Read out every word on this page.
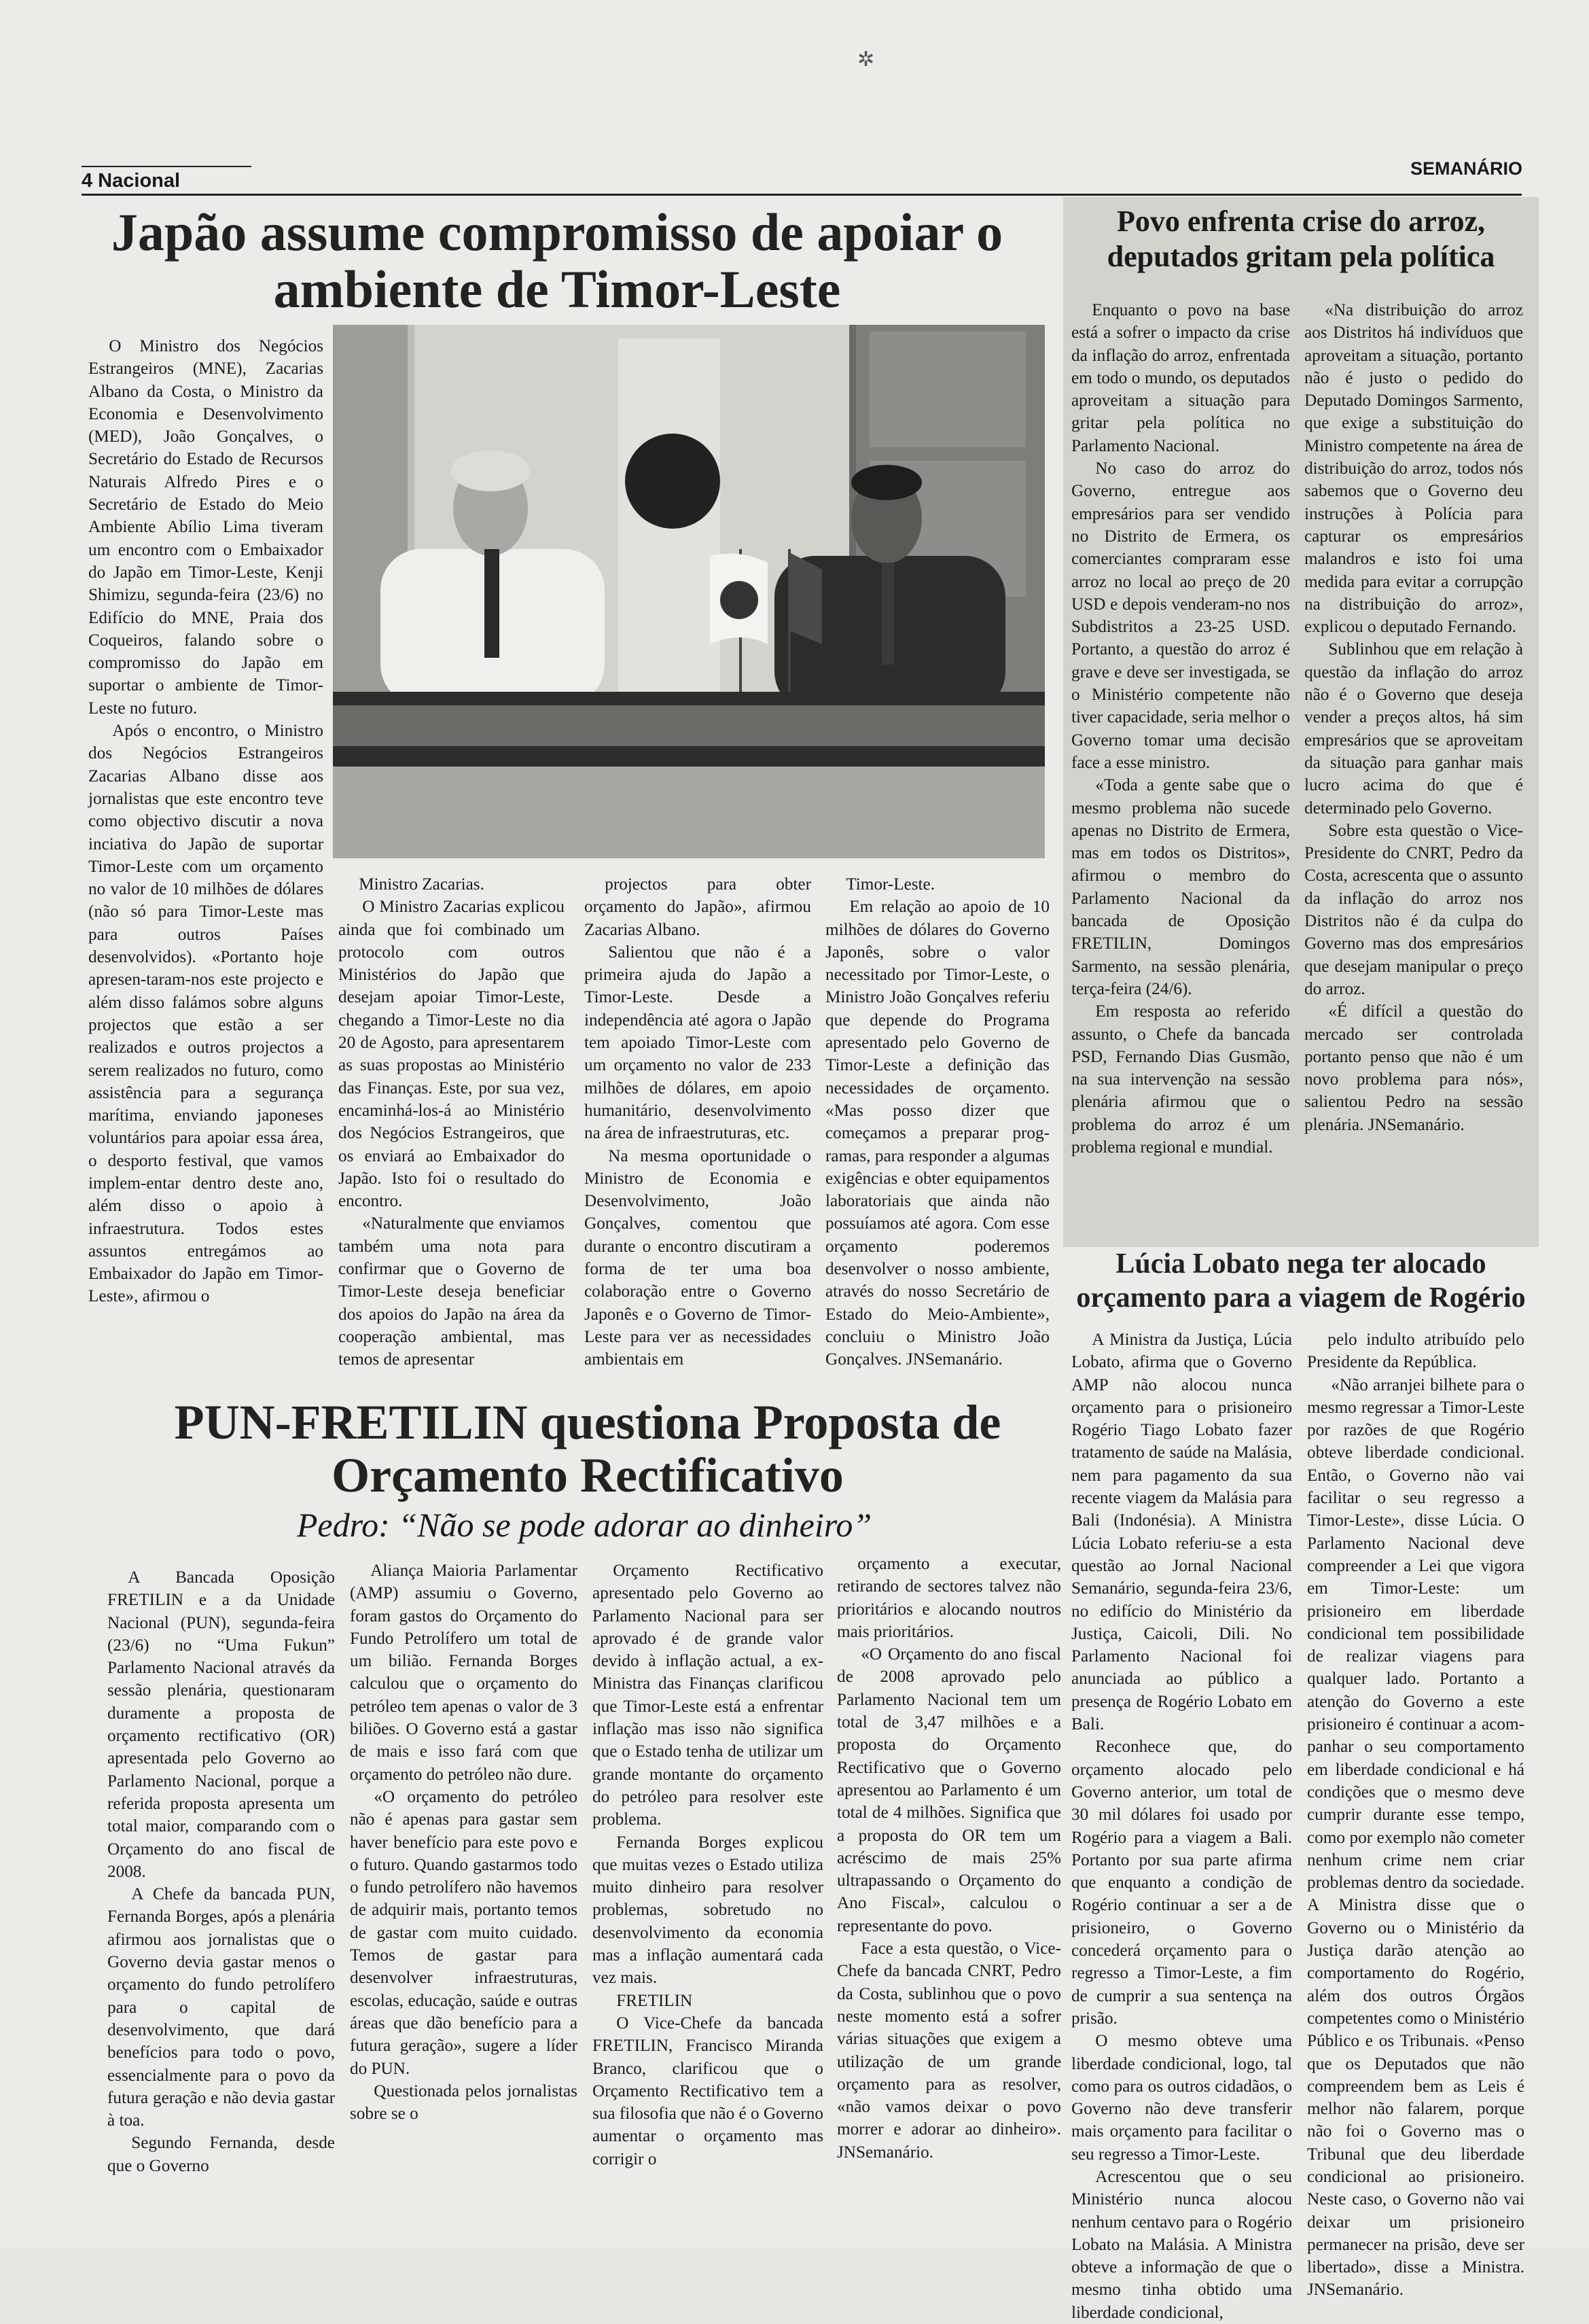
✲
4 Nacional
SEMANÁRIO
Japão assume compromisso de apoiar o ambiente de Timor-Leste

O Ministro dos Negócios Estrangeiros (MNE), Zacarias Albano da Costa, o Ministro da Economia e Desenvolvimento (MED), João Gonçalves, o Secretário do Estado de Recursos Naturais Alfredo Pires e o Secretário de Estado do Meio Ambiente Abílio Lima tiveram um encontro com o Embaixador do Japão em Timor-Leste, Kenji Shimizu, segunda-feira (23/6) no Edifício do MNE, Praia dos Coqueiros, falando sobre o compromisso do Japão em suportar o ambiente de Timor-Leste no futuro.

Após o encontro, o Ministro dos Negócios Estrangeiros Zacarias Albano disse aos jornalistas que este encontro teve como objectivo discutir a nova inciativa do Japão de suportar Timor-Leste com um orçamento no valor de 10 milhões de dólares (não só para Timor-Leste mas para outros Países desenvolvidos). «Portanto hoje apresen-taram-nos este projecto e além disso falámos sobre alguns projectos que estão a ser realizados e outros projectos a serem realizados no futuro, como assistência para a segurança marítima, enviando japoneses voluntários para apoiar essa área, o desporto festival, que vamos implem-entar dentro deste ano, além disso o apoio à infraestrutura. Todos estes assuntos entregámos ao Embaixador do Japão em Timor-Leste», afirmou o

Ministro Zacarias.

O Ministro Zacarias explicou ainda que foi combinado um protocolo com outros Ministérios do Japão que desejam apoiar Timor-Leste, chegando a Timor-Leste no dia 20 de Agosto, para apresentarem as suas propostas ao Ministério das Finanças. Este, por sua vez, encaminhá-los-á ao Ministério dos Negócios Estrangeiros, que os enviará ao Embaixador do Japão. Isto foi o resultado do encontro.

«Naturalmente que enviamos também uma nota para confirmar que o Governo de Timor-Leste deseja beneficiar dos apoios do Japão na área da cooperação ambiental, mas temos de apresentar

projectos para obter orçamento do Japão», afirmou Zacarias Albano.

Salientou que não é a primeira ajuda do Japão a Timor-Leste. Desde a independência até agora o Japão tem apoiado Timor-Leste com um orçamento no valor de 233 milhões de dólares, em apoio humanitário, desenvolvimento na área de infraestruturas, etc.

Na mesma oportunidade o Ministro de Economia e Desenvolvimento, João Gonçalves, comentou que durante o encontro discutiram a forma de ter uma boa colaboração entre o Governo Japonês e o Governo de Timor-Leste para ver as necessidades ambientais em

Timor-Leste.

Em relação ao apoio de 10 milhões de dólares do Governo Japonês, sobre o valor necessitado por Timor-Leste, o Ministro João Gonçalves referiu que depende do Programa apresentado pelo Governo de Timor-Leste a definição das necessidades de orçamento. «Mas posso dizer que começamos a preparar prog-ramas, para responder a algumas exigências e obter equipamentos laboratoriais que ainda não possuíamos até agora. Com esse orçamento poderemos desenvolver o nosso ambiente, através do nosso Secretário de Estado do Meio-Ambiente», concluiu o Ministro João Gonçalves. JNSemanário.

Povo enfrenta crise do arroz, deputados gritam pela política

Enquanto o povo na base está a sofrer o impacto da crise da inflação do arroz, enfrentada em todo o mundo, os deputados aproveitam a situação para gritar pela política no Parlamento Nacional.

No caso do arroz do Governo, entregue aos empresários para ser vendido no Distrito de Ermera, os comerciantes compraram esse arroz no local ao preço de 20 USD e depois venderam-no nos Subdistritos a 23-25 USD. Portanto, a questão do arroz é grave e deve ser investigada, se o Ministério competente não tiver capacidade, seria melhor o Governo tomar uma decisão face a esse ministro.

«Toda a gente sabe que o mesmo problema não sucede apenas no Distrito de Ermera, mas em todos os Distritos», afirmou o membro do Parlamento Nacional da bancada de Oposição FRETILIN, Domingos Sarmento, na sessão plenária, terça-feira (24/6).

Em resposta ao referido assunto, o Chefe da bancada PSD, Fernando Dias Gusmão, na sua intervenção na sessão plenária afirmou que o problema do arroz é um problema regional e mundial.

«Na distribuição do arroz aos Distritos há indivíduos que aproveitam a situação, portanto não é justo o pedido do Deputado Domingos Sarmento, que exige a substituição do Ministro competente na área de distribuição do arroz, todos nós sabemos que o Governo deu instruções à Polícia para capturar os empresários malandros e isto foi uma medida para evitar a corrupção na distribuição do arroz», explicou o deputado Fernando.

Sublinhou que em relação à questão da inflação do arroz não é o Governo que deseja vender a preços altos, há sim empresários que se aproveitam da situação para ganhar mais lucro acima do que é determinado pelo Governo.

Sobre esta questão o Vice-Presidente do CNRT, Pedro da Costa, acrescenta que o assunto da inflação do arroz nos Distritos não é da culpa do Governo mas dos empresários que desejam manipular o preço do arroz.

«É difícil a questão do mercado ser controlada portanto penso que não é um novo problema para nós», salientou Pedro na sessão plenária. JNSemanário.

Lúcia Lobato nega ter alocado orçamento para a viagem de Rogério

A Ministra da Justiça, Lúcia Lobato, afirma que o Governo AMP não alocou nunca orçamento para o prisioneiro Rogério Tiago Lobato fazer tratamento de saúde na Malásia, nem para pagamento da sua recente viagem da Malásia para Bali (Indonésia). A Ministra Lúcia Lobato referiu-se a esta questão ao Jornal Nacional Semanário, segunda-feira 23/6, no edifício do Ministério da Justiça, Caicoli, Dili. No Parlamento Nacional foi anunciada ao público a presença de Rogério Lobato em Bali.

Reconhece que, do orçamento alocado pelo Governo anterior, um total de 30 mil dólares foi usado por Rogério para a viagem a Bali. Portanto por sua parte afirma que enquanto a condição de Rogério continuar a ser a de prisioneiro, o Governo concederá orçamento para o regresso a Timor-Leste, a fim de cumprir a sua sentença na prisão.

O mesmo obteve uma liberdade condicional, logo, tal como para os outros cidadãos, o Governo não deve transferir mais orçamento para facilitar o seu regresso a Timor-Leste.

Acrescentou que o seu Ministério nunca alocou nenhum centavo para o Rogério Lobato na Malásia. A Ministra obteve a informação de que o mesmo tinha obtido uma liberdade condicional,

pelo indulto atribuído pelo Presidente da República.

«Não arranjei bilhete para o mesmo regressar a Timor-Leste por razões de que Rogério obteve liberdade condicional. Então, o Governo não vai facilitar o seu regresso a Timor-Leste», disse Lúcia. O Parlamento Nacional deve compreender a Lei que vigora em Timor-Leste: um prisioneiro em liberdade condicional tem possibilidade de realizar viagens para qualquer lado. Portanto a atenção do Governo a este prisioneiro é continuar a acom-panhar o seu comportamento em liberdade condicional e há condições que o mesmo deve cumprir durante esse tempo, como por exemplo não cometer nenhum crime nem criar problemas dentro da sociedade. A Ministra disse que o Governo ou o Ministério da Justiça darão atenção ao comportamento do Rogério, além dos outros Órgãos competentes como o Ministério Público e os Tribunais. «Penso que os Deputados que não compreendem bem as Leis é melhor não falarem, porque não foi o Governo mas o Tribunal que deu liberdade condicional ao prisioneiro. Neste caso, o Governo não vai deixar um prisioneiro permanecer na prisão, deve ser libertado», disse a Ministra. JNSemanário.

PUN-FRETILIN questiona Proposta de Orçamento Rectificativo
Pedro: “Não se pode adorar ao dinheiro”

A Bancada Oposição FRETILIN e a da Unidade Nacional (PUN), segunda-feira (23/6) no “Uma Fukun” Parlamento Nacional através da sessão plenária, questionaram duramente a proposta de orçamento rectificativo (OR) apresentada pelo Governo ao Parlamento Nacional, porque a referida proposta apresenta um total maior, comparando com o Orçamento do ano fiscal de 2008.

A Chefe da bancada PUN, Fernanda Borges, após a plenária afirmou aos jornalistas que o Governo devia gastar menos o orçamento do fundo petrolífero para o capital de desenvolvimento, que dará benefícios para todo o povo, essencialmente para o povo da futura geração e não devia gastar à toa.

Segundo Fernanda, desde que o Governo

Aliança Maioria Parlamentar (AMP) assumiu o Governo, foram gastos do Orçamento do Fundo Petrolífero um total de um bilião. Fernanda Borges calculou que o orçamento do petróleo tem apenas o valor de 3 biliões. O Governo está a gastar de mais e isso fará com que orçamento do petróleo não dure.

«O orçamento do petróleo não é apenas para gastar sem haver benefício para este povo e o futuro. Quando gastarmos todo o fundo petrolífero não havemos de adquirir mais, portanto temos de gastar com muito cuidado. Temos de gastar para desenvolver infraestruturas, escolas, educação, saúde e outras áreas que dão benefício para a futura geração», sugere a líder do PUN.

Questionada pelos jornalistas sobre se o

Orçamento Rectificativo apresentado pelo Governo ao Parlamento Nacional para ser aprovado é de grande valor devido à inflação actual, a ex-Ministra das Finanças clarificou que Timor-Leste está a enfrentar inflação mas isso não significa que o Estado tenha de utilizar um grande montante do orçamento do petróleo para resolver este problema.

Fernanda Borges explicou que muitas vezes o Estado utiliza muito dinheiro para resolver problemas, sobretudo no desenvolvimento da economia mas a inflação aumentará cada vez mais.

FRETILIN

O Vice-Chefe da bancada FRETILIN, Francisco Miranda Branco, clarificou que o Orçamento Rectificativo tem a sua filosofia que não é o Governo aumentar o orçamento mas corrigir o

orçamento a executar, retirando de sectores talvez não prioritários e alocando noutros mais prioritários.

«O Orçamento do ano fiscal de 2008 aprovado pelo Parlamento Nacional tem um total de 3,47 milhões e a proposta do Orçamento Rectificativo que o Governo apresentou ao Parlamento é um total de 4 milhões. Significa que a proposta do OR tem um acréscimo de mais 25% ultrapassando o Orçamento do Ano Fiscal», calculou o representante do povo.

Face a esta questão, o Vice-Chefe da bancada CNRT, Pedro da Costa, sublinhou que o povo neste momento está a sofrer várias situações que exigem a utilização de um grande orçamento para as resolver, «não vamos deixar o povo morrer e adorar ao dinheiro». JNSemanário.
